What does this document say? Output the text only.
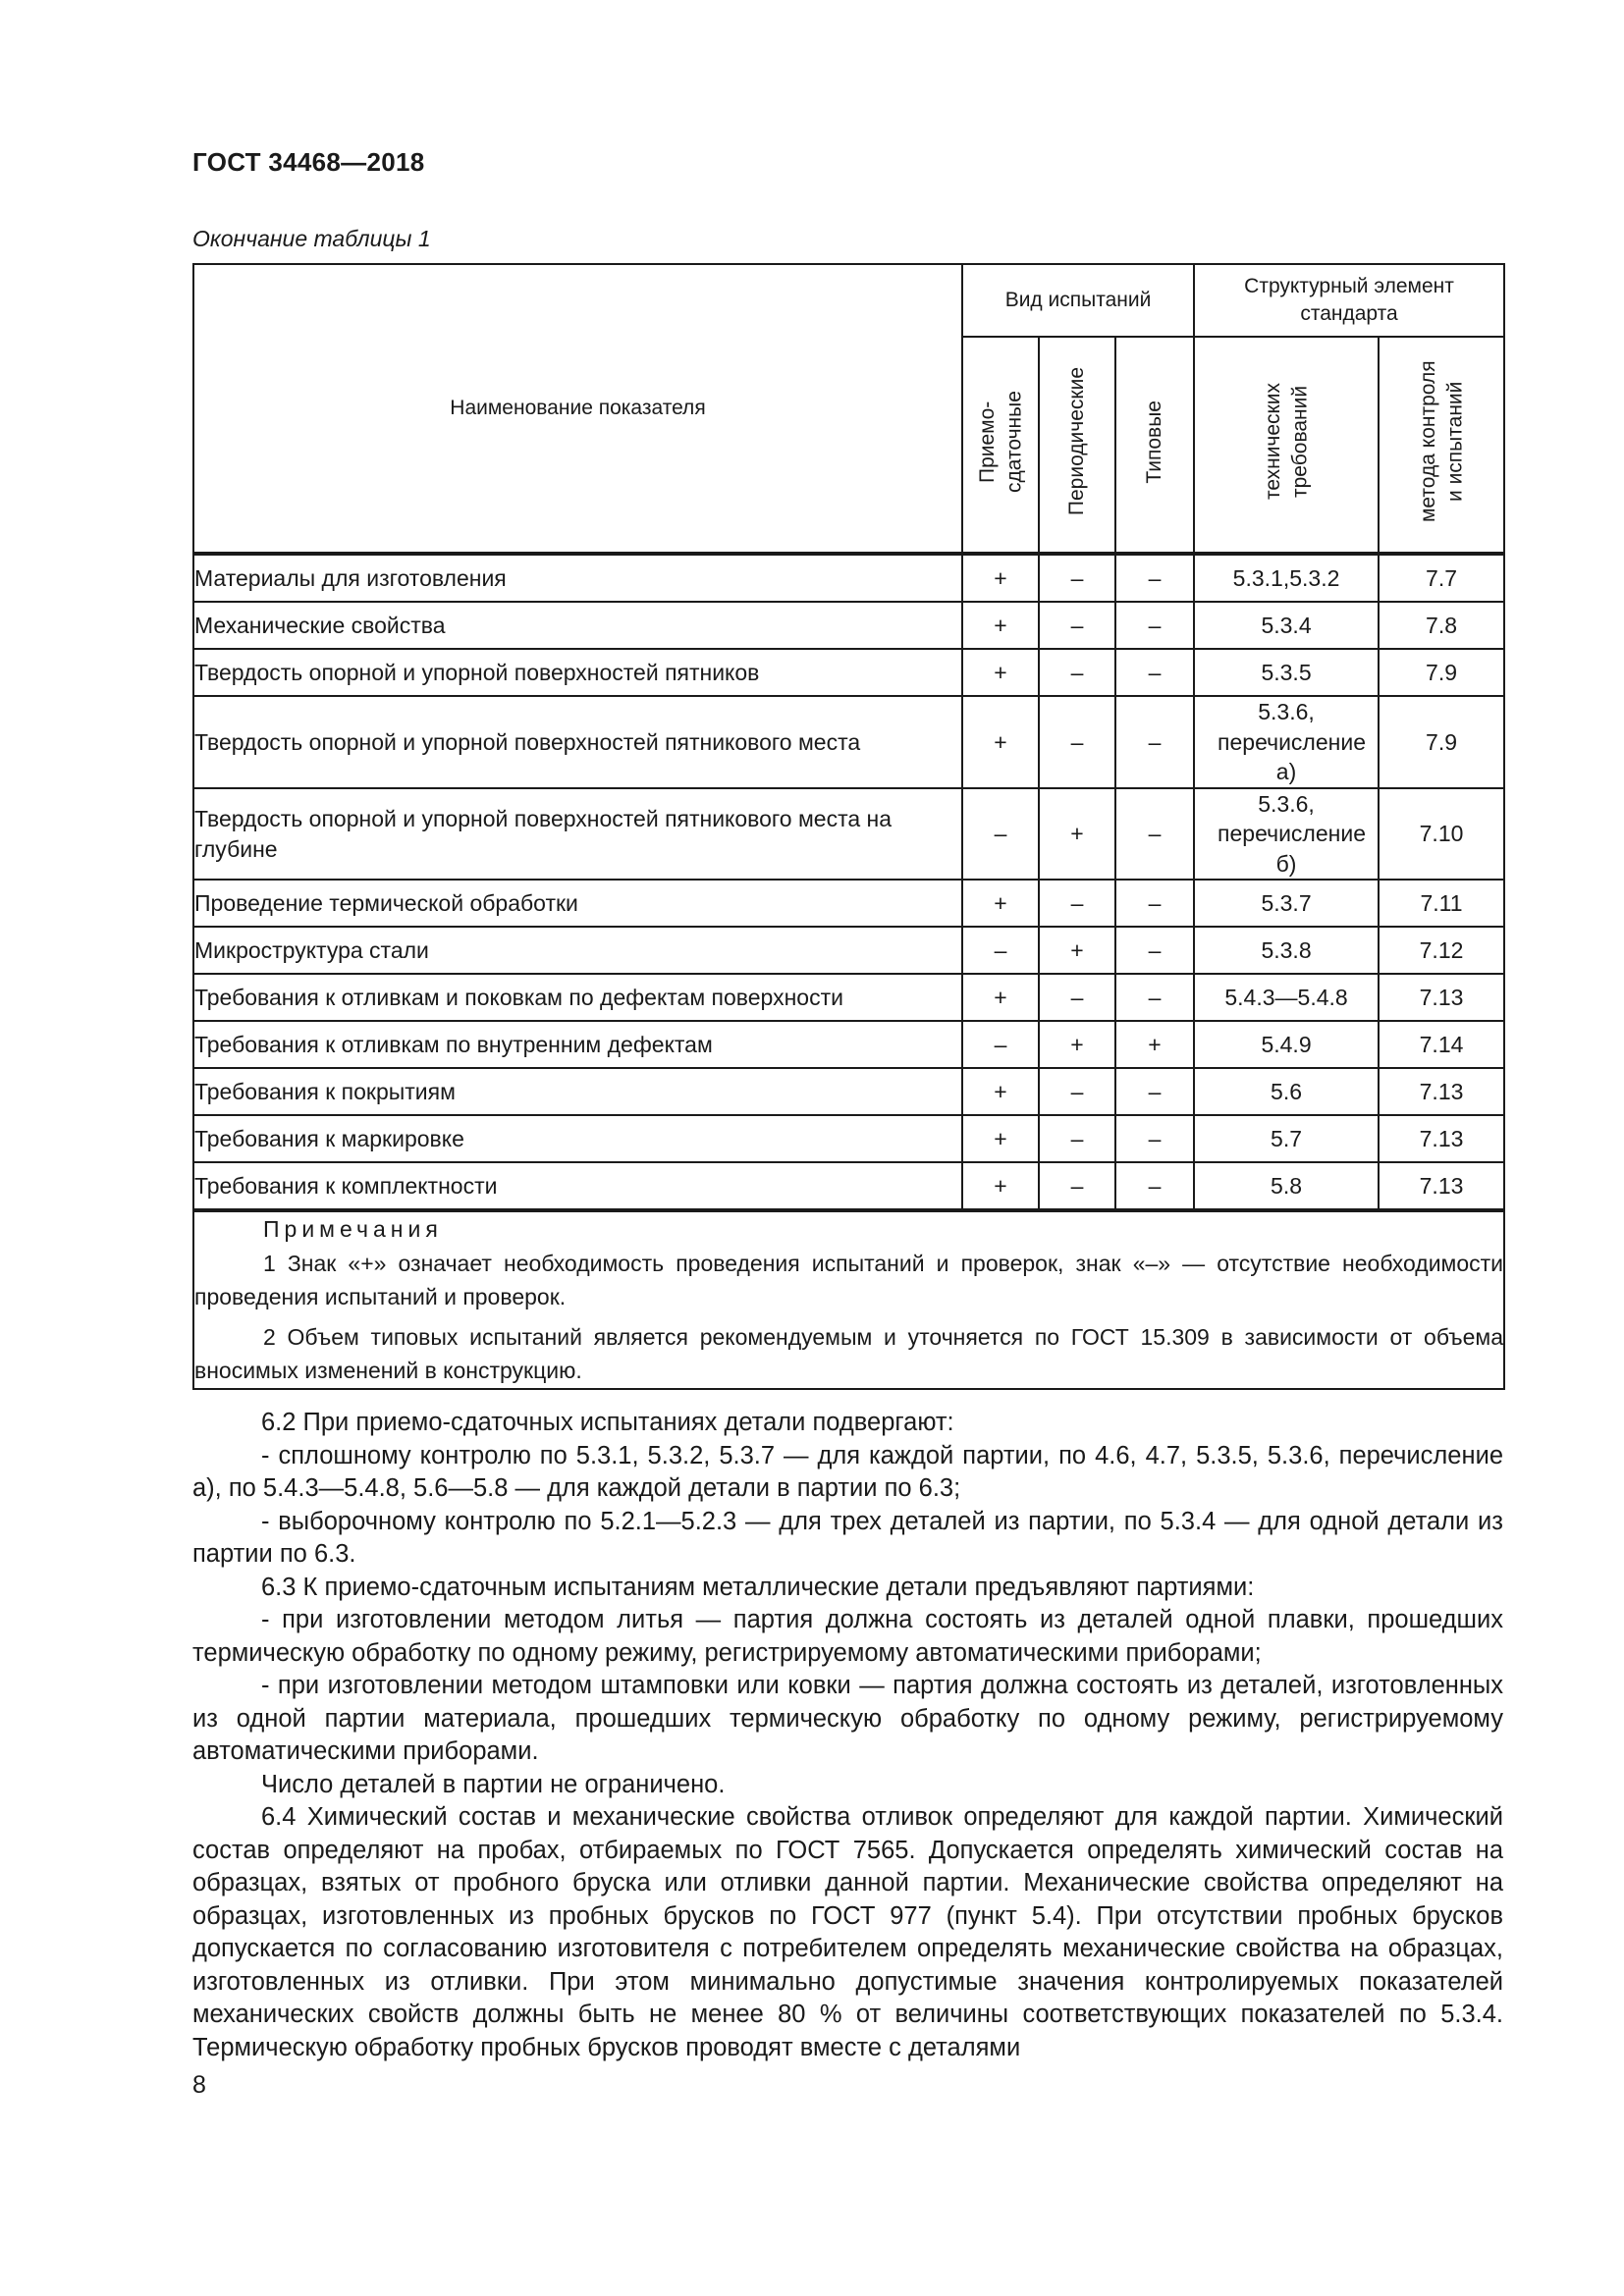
ГОСТ 34468—2018
Окончание таблицы 1
Наименование показателя	Вид испытаний			Структурный элемент стандарта	
	Приемо-сдаточные	Периодические	Типовые	технических требований	метода контроля и испытаний
Материалы для изготовления	+	–	–	5.3.1,5.3.2	7.7
Механические свойства	+	–	–	5.3.4	7.8
Твердость опорной и упорной поверхностей пятников	+	–	–	5.3.5	7.9
Твердость опорной и упорной поверхностей пятникового места	+	–	–	5.3.6, перечисление а)	7.9
Твердость опорной и упорной поверхностей пятникового места на глубине	–	+	–	5.3.6, перечисление б)	7.10
Проведение термической обработки	+	–	–	5.3.7	7.11
Микроструктура стали	–	+	–	5.3.8	7.12
Требования к отливкам и поковкам по дефектам поверхности	+	–	–	5.4.3—5.4.8	7.13
Требования к отливкам по внутренним дефектам	–	+	+	5.4.9	7.14
Требования к покрытиям	+	–	–	5.6	7.13
Требования к маркировке	+	–	–	5.7	7.13
Требования к комплектности	+	–	–	5.8	7.13

Примечания
1 Знак «+» означает необходимость проведения испытаний и проверок, знак «–» — отсутствие необходимости проведения испытаний и проверок.
2 Объем типовых испытаний является рекомендуемым и уточняется по ГОСТ 15.309 в зависимости от объема вносимых изменений в конструкцию.					

6.2 При приемо-сдаточных испытаниях детали подвергают:

- сплошному контролю по 5.3.1, 5.3.2, 5.3.7 — для каждой партии, по 4.6, 4.7, 5.3.5, 5.3.6, перечисление а), по 5.4.3—5.4.8, 5.6—5.8 — для каждой детали в партии по 6.3;

- выборочному контролю по 5.2.1—5.2.3 — для трех деталей из партии, по 5.3.4 — для одной детали из партии по 6.3.

6.3 К приемо-сдаточным испытаниям металлические детали предъявляют партиями:

- при изготовлении методом литья — партия должна состоять из деталей одной плавки, прошедших термическую обработку по одному режиму, регистрируемому автоматическими приборами;

- при изготовлении методом штамповки или ковки — партия должна состоять из деталей, изготовленных из одной партии материала, прошедших термическую обработку по одному режиму, регистрируемому автоматическими приборами.

Число деталей в партии не ограничено.

6.4 Химический состав и механические свойства отливок определяют для каждой партии. Химический состав определяют на пробах, отбираемых по ГОСТ 7565. Допускается определять химический состав на образцах, взятых от пробного бруска или отливки данной партии. Механические свойства определяют на образцах, изготовленных из пробных брусков по ГОСТ 977 (пункт 5.4). При отсутствии пробных брусков допускается по согласованию изготовителя с потребителем определять механические свойства на образцах, изготовленных из отливки. При этом минимально допустимые значения контролируемых показателей механических свойств должны быть не менее 80 % от величины соответствующих показателей по 5.3.4. Термическую обработку пробных брусков проводят вместе с деталями

8
